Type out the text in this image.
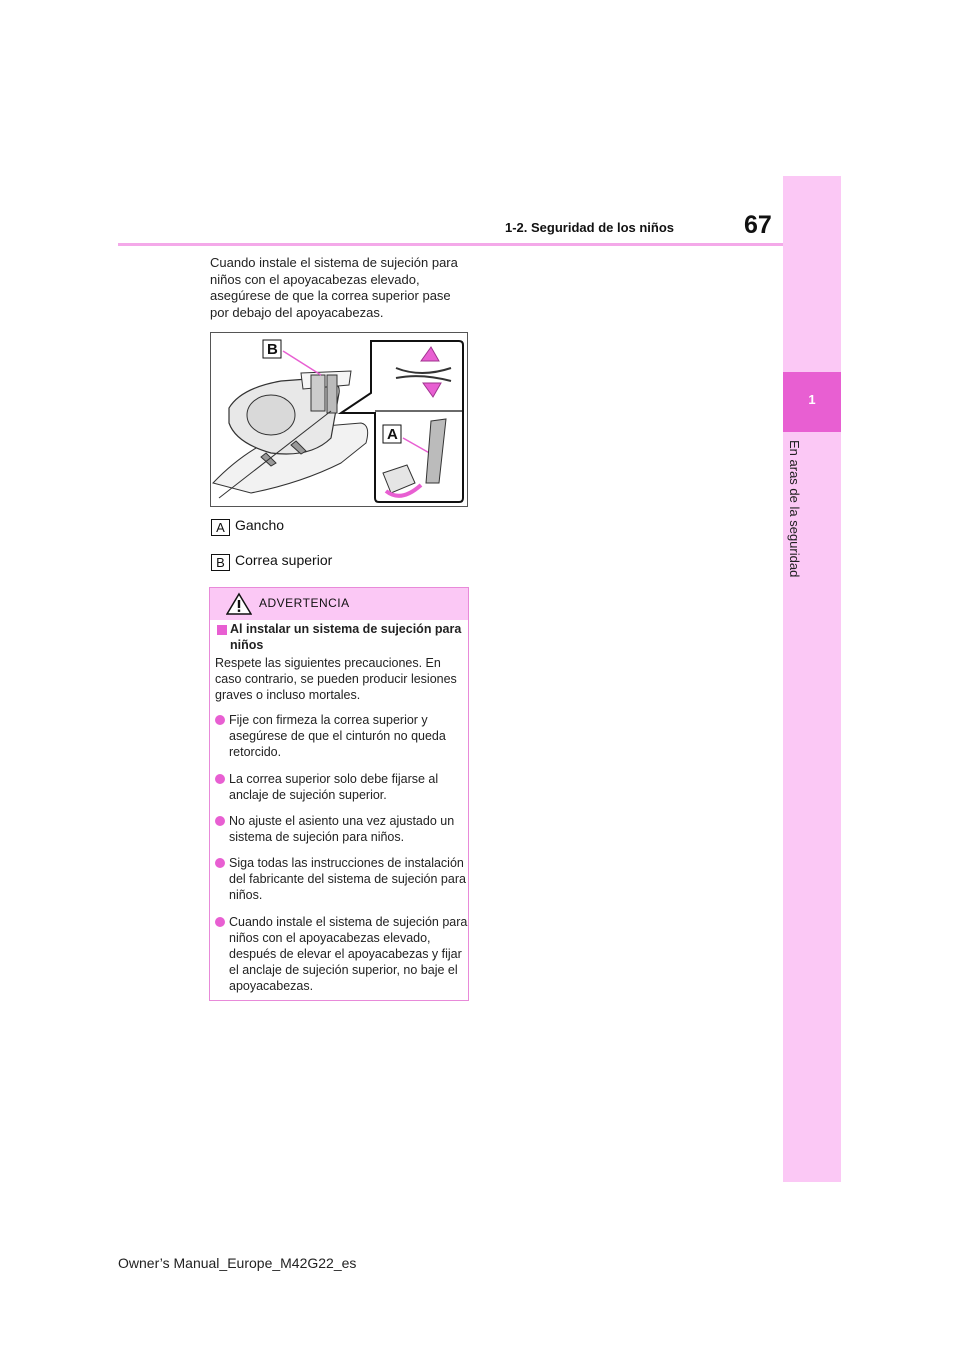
1
En aras de la seguridad
67
1-2. Seguridad de los niños
Cuando instale el sistema de sujeción para niños con el apoyacabezas elevado, asegúrese de que la correa superior pase por debajo del apoyacabezas.
B
A
A Gancho
B Correa superior
ADVERTENCIA
Al instalar un sistema de sujeción para niños
Respete las siguientes precauciones. En caso contrario, se pueden producir lesiones graves o incluso mortales.
Fije con firmeza la correa superior y asegúrese de que el cinturón no queda retorcido.
La correa superior solo debe fijarse al anclaje de sujeción superior.
No ajuste el asiento una vez ajustado un sistema de sujeción para niños.
Siga todas las instrucciones de instalación del fabricante del sistema de sujeción para niños.
Cuando instale el sistema de sujeción para niños con el apoyacabezas elevado, después de elevar el apoyacabezas y fijar el anclaje de sujeción superior, no baje el apoyacabezas.
Owner’s Manual_Europe_M42G22_es
